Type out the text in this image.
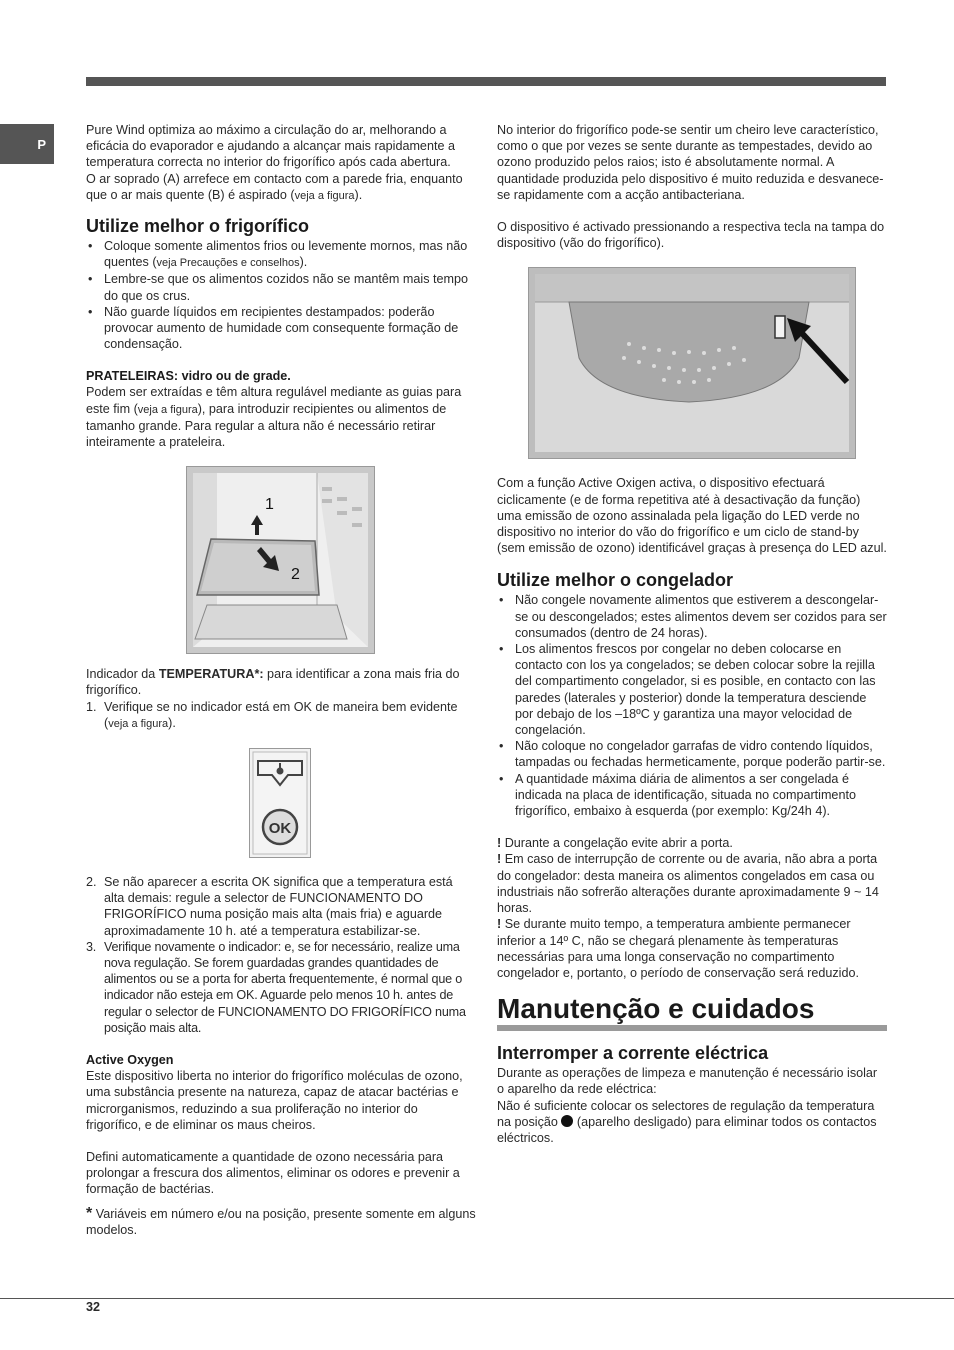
P

Pure Wind optimiza ao máximo a circulação do ar, melhorando a eficácia do evaporador e ajudando a alcançar mais rapidamente a temperatura correcta no interior do frigorífico após cada abertura.

O ar soprado (A) arrefece em contacto com a parede fria, enquanto que o ar mais quente (B) é aspirado (veja a figura).

Utilize melhor o frigorífico
• Coloque somente alimentos frios ou levemente mornos, mas não quentes (veja Precauções e conselhos).
• Lembre-se que os alimentos cozidos não se mantêm mais tempo do que os crus.
• Não guarde líquidos em recipientes destampados: poderão provocar aumento de humidade com consequente formação de condensação.
PRATELEIRAS: vidro ou de grade.

Podem ser extraídas e têm altura regulável mediante as guias para este fim (veja a figura), para introduzir recipientes ou alimentos de tamanho grande. Para regular a altura não é necessário retirar inteiramente a prateleira.

1
2

Indicador da TEMPERATURA*: para identificar a zona mais fria do frigorífico.

1. Verifique se no indicador está em OK de maneira bem evidente (veja a figura).
OK
2. Se não aparecer a escrita OK significa que a temperatura está alta demais: regule a selector de FUNCIONAMENTO DO FRIGORÍFICO numa posição mais alta (mais fria) e aguarde aproximadamente 10 h. até a temperatura estabilizar-se.
3. Verifique novamente o indicador: e, se for necessário, realize uma nova regulação. Se forem guardadas grandes quantidades de alimentos ou se a porta for aberta frequentemente, é normal que o indicador não esteja em OK. Aguarde pelo menos 10 h. antes de regular o selector de FUNCIONAMENTO DO FRIGORÍFICO numa posição mais alta.
Active Oxygen

Este dispositivo liberta no interior do frigorífico moléculas de ozono, uma substância presente na natureza, capaz de atacar bactérias e microrganismos, reduzindo a sua proliferação no interior do frigorífico, e de eliminar os maus cheiros.

Defini automaticamente a quantidade de ozono necessária para prolongar a frescura dos alimentos, eliminar os odores e prevenir a formação de bactérias.

* Variáveis em número e/ou na posição, presente somente em alguns modelos.

No interior do frigorífico pode-se sentir um cheiro leve característico, como o que por vezes se sente durante as tempestades, devido ao ozono produzido pelos raios; isto é absolutamente normal. A quantidade produzida pelo dispositivo é muito reduzida e desvanece-se rapidamente com a acção antibacteriana.

O dispositivo é activado pressionando a respectiva tecla na tampa do dispositivo (vão do frigorífico).

Com a função Active Oxigen activa, o dispositivo efectuará ciclicamente (e de forma repetitiva até à desactivação da função) uma emissão de ozono assinalada pela ligação do LED verde no dispositivo no interior do vão do frigorífico e um ciclo de stand-by (sem emissão de ozono) identificável graças à presença do LED azul.

Utilize melhor o congelador
• Não congele novamente alimentos que estiverem a descongelar-se ou descongelados; estes alimentos devem ser cozidos para ser consumados (dentro de 24 horas).
• Los alimentos frescos por congelar no deben colocarse en contacto con los ya congelados; se deben colocar sobre la rejilla del compartimento congelador, si es posible, en contacto con las paredes (laterales y posterior) donde la temperatura desciende por debajo de los –18ºC y garantiza una mayor velocidad de congelación.
• Não coloque no congelador garrafas de vidro contendo líquidos, tampadas ou fechadas hermeticamente, porque poderão partir-se.
• A quantidade máxima diária de alimentos a ser congelada é indicada na placa de identificação, situada no compartimento frigorífico, embaixo à esquerda (por exemplo: Kg/24h 4).

! Durante a congelação evite abrir a porta.

! Em caso de interrupção de corrente ou de avaria, não abra a porta do congelador: desta maneira os alimentos congelados em casa ou industriais não sofrerão alterações durante aproximadamente 9 ~ 14 horas.

! Se durante muito tempo, a temperatura ambiente permanecer inferior a 14º C, não se chegará plenamente às temperaturas necessárias para uma longa conservação no compartimento congelador e, portanto, o período de conservação será reduzido.

Manutenção e cuidados
Interromper a corrente eléctrica

Durante as operações de limpeza e manutenção é necessário isolar o aparelho da rede eléctrica:

Não é suficiente colocar os selectores de regulação da temperatura na posição  (aparelho desligado) para eliminar todos os contactos eléctricos.

32
